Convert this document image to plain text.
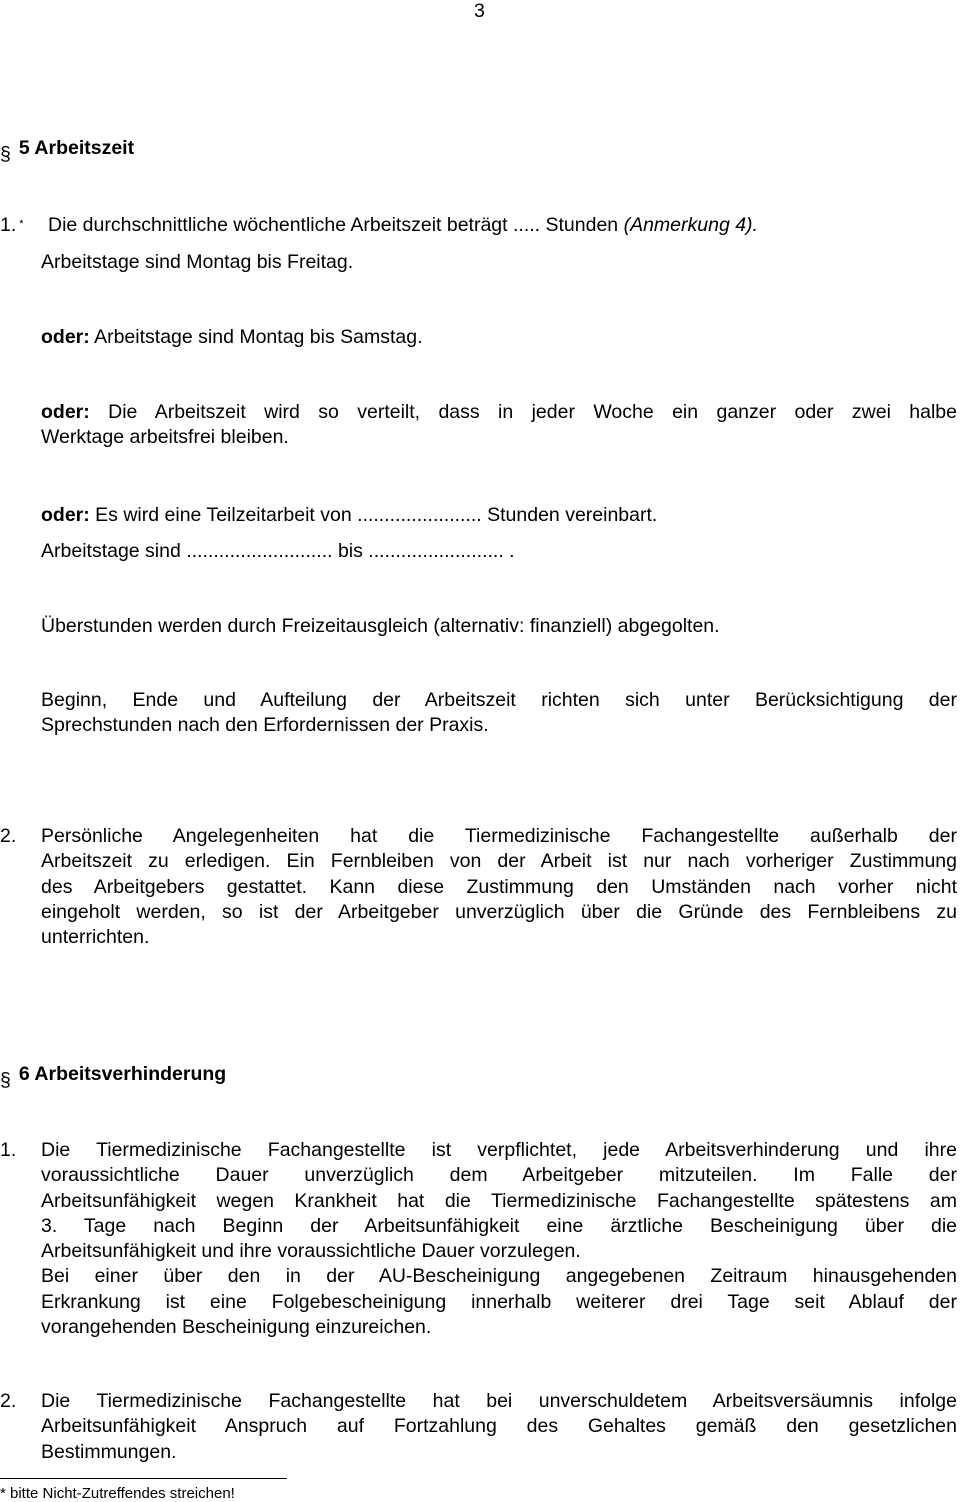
3
§ 5 Arbeitszeit
1. * Die durchschnittliche wöchentliche Arbeitszeit beträgt ..... Stunden (Anmerkung 4).
Arbeitstage sind Montag bis Freitag.
oder: Arbeitstage sind Montag bis Samstag.
oder: Die Arbeitszeit wird so verteilt, dass in jeder Woche ein ganzer oder zwei halbe
Werktage arbeitsfrei bleiben.
oder: Es wird eine Teilzeitarbeit von ....................... Stunden vereinbart.
Arbeitstage sind ........................... bis ......................... .
Überstunden werden durch Freizeitausgleich (alternativ: finanziell) abgegolten.
Beginn, Ende und Aufteilung der Arbeitszeit richten sich unter Berücksichtigung der
Sprechstunden nach den Erfordernissen der Praxis.
2. Persönliche Angelegenheiten hat die Tiermedizinische Fachangestellte außerhalb der
Arbeitszeit zu erledigen. Ein Fernbleiben von der Arbeit ist nur nach vorheriger Zustimmung
des Arbeitgebers gestattet. Kann diese Zustimmung den Umständen nach vorher nicht
eingeholt werden, so ist der Arbeitgeber unverzüglich über die Gründe des Fernbleibens zu
unterrichten.
§ 6 Arbeitsverhinderung
1. Die Tiermedizinische Fachangestellte ist verpflichtet, jede Arbeitsverhinderung und ihre
voraussichtliche Dauer unverzüglich dem Arbeitgeber mitzuteilen. Im Falle der
Arbeitsunfähigkeit wegen Krankheit hat die Tiermedizinische Fachangestellte spätestens am
3. Tage nach Beginn der Arbeitsunfähigkeit eine ärztliche Bescheinigung über die
Arbeitsunfähigkeit und ihre voraussichtliche Dauer vorzulegen.
Bei einer über den in der AU-Bescheinigung angegebenen Zeitraum hinausgehenden
Erkrankung ist eine Folgebescheinigung innerhalb weiterer drei Tage seit Ablauf der
vorangehenden Bescheinigung einzureichen.
2. Die Tiermedizinische Fachangestellte hat bei unverschuldetem Arbeitsversäumnis infolge
Arbeitsunfähigkeit Anspruch auf Fortzahlung des Gehaltes gemäß den gesetzlichen
Bestimmungen.
* bitte Nicht-Zutreffendes streichen!
